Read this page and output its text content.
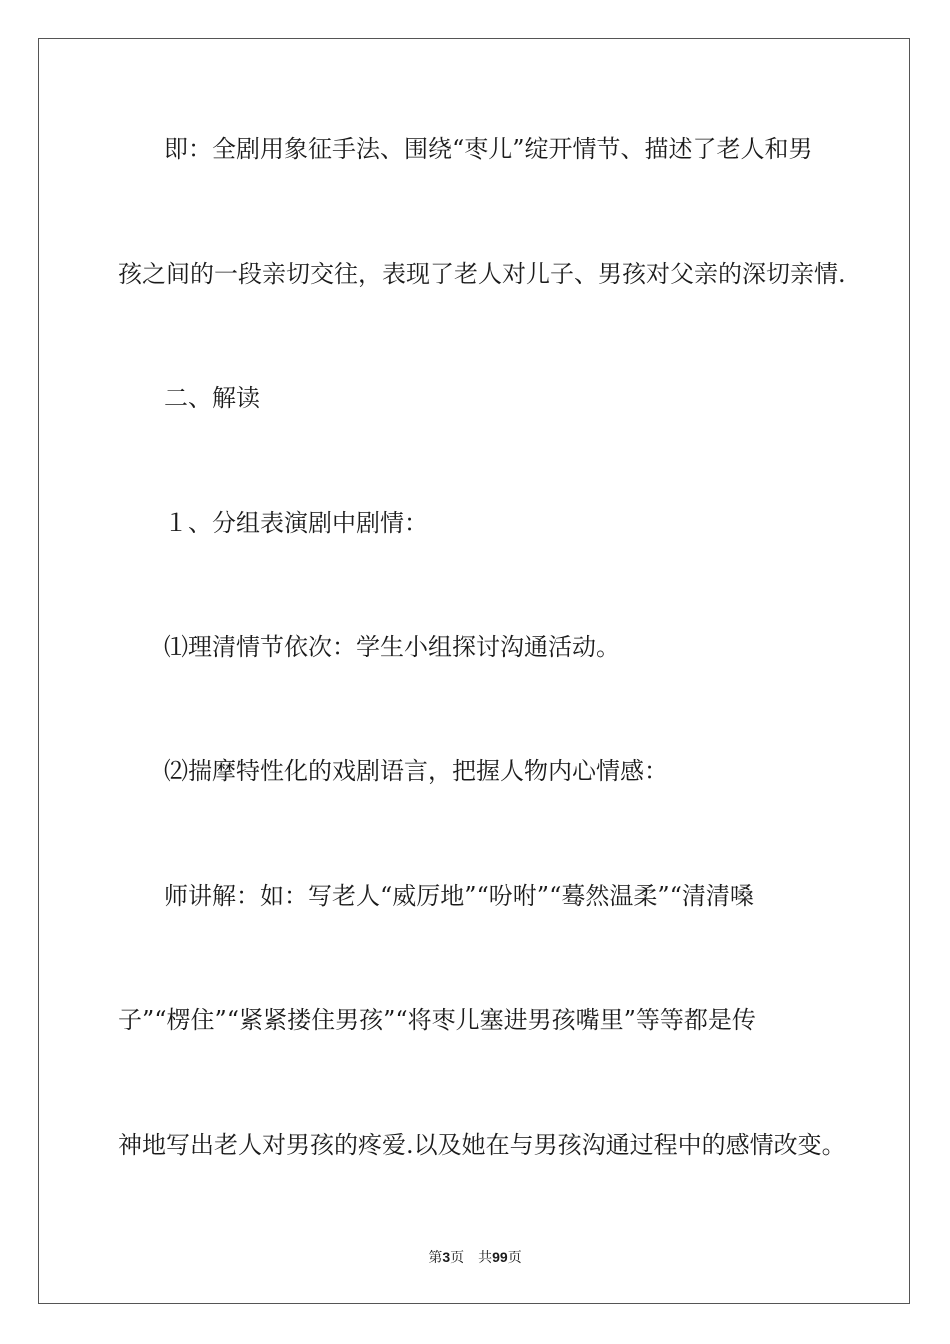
即：全剧用象征手法、围绕“枣儿”绽开情节、描述了老人和男

孩之间的一段亲切交往，表现了老人对儿子、男孩对父亲的深切亲情.

二、解读

１、分组表演剧中剧情：

⑴理清情节依次：学生小组探讨沟通活动。

⑵揣摩特性化的戏剧语言，把握人物内心情感：

师讲解：如：写老人“威厉地”“吩咐”“蓦然温柔”“清清嗓

子”“楞住”“紧紧搂住男孩”“将枣儿塞进男孩嘴里”等等都是传

神地写出老人对男孩的疼爱.以及她在与男孩沟通过程中的感情改变。

第3页　共99页
